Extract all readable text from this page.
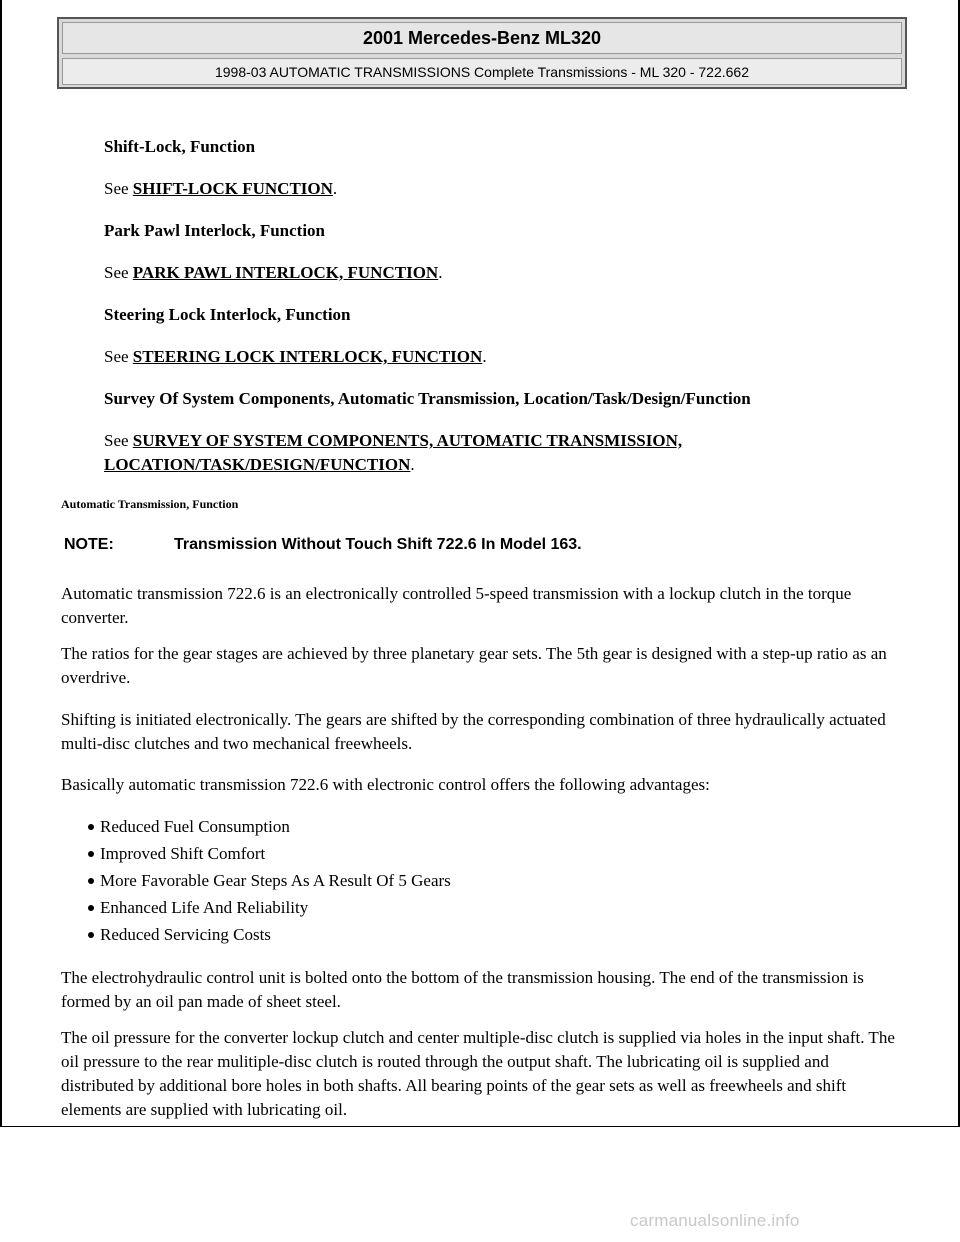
2001 Mercedes-Benz ML320
1998-03 AUTOMATIC TRANSMISSIONS Complete Transmissions - ML 320 - 722.662
Shift-Lock, Function
See SHIFT-LOCK FUNCTION.
Park Pawl Interlock, Function
See PARK PAWL INTERLOCK, FUNCTION.
Steering Lock Interlock, Function
See STEERING LOCK INTERLOCK, FUNCTION.
Survey Of System Components, Automatic Transmission, Location/Task/Design/Function
See SURVEY OF SYSTEM COMPONENTS, AUTOMATIC TRANSMISSION,
LOCATION/TASK/DESIGN/FUNCTION.
Automatic Transmission, Function
NOTE:	Transmission Without Touch Shift 722.6 In Model 163.
Automatic transmission 722.6 is an electronically controlled 5-speed transmission with a lockup clutch in the torque converter.
The ratios for the gear stages are achieved by three planetary gear sets. The 5th gear is designed with a step-up ratio as an overdrive.
Shifting is initiated electronically. The gears are shifted by the corresponding combination of three hydraulically actuated multi-disc clutches and two mechanical freewheels.
Basically automatic transmission 722.6 with electronic control offers the following advantages:
Reduced Fuel Consumption
Improved Shift Comfort
More Favorable Gear Steps As A Result Of 5 Gears
Enhanced Life And Reliability
Reduced Servicing Costs
The electrohydraulic control unit is bolted onto the bottom of the transmission housing. The end of the transmission is formed by an oil pan made of sheet steel.
The oil pressure for the converter lockup clutch and center multiple-disc clutch is supplied via holes in the input shaft. The oil pressure to the rear mulitiple-disc clutch is routed through the output shaft. The lubricating oil is supplied and distributed by additional bore holes in both shafts. All bearing points of the gear sets as well as freewheels and shift elements are supplied with lubricating oil.
carmanualsonline.info
